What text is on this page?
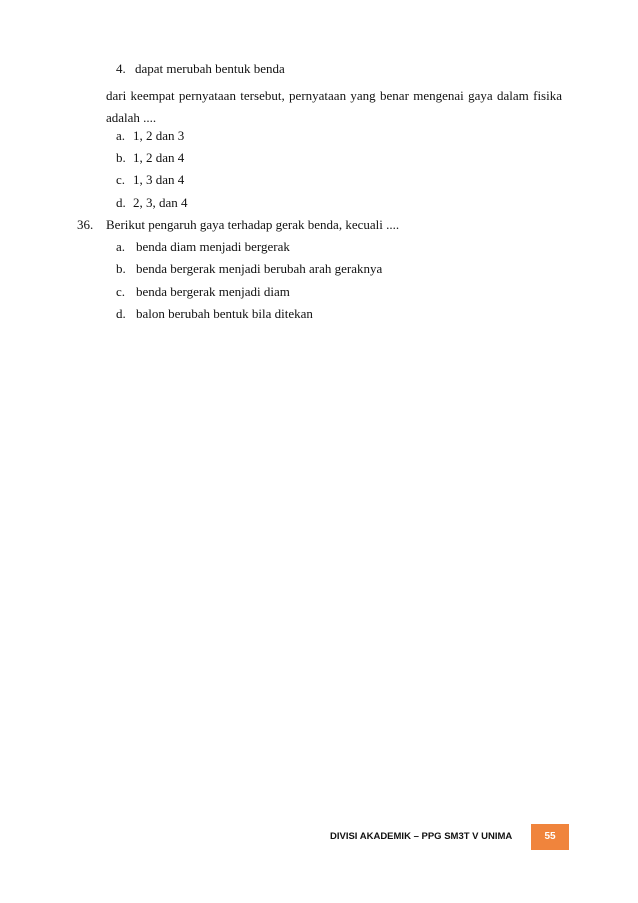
4. dapat merubah bentuk benda
dari keempat pernyataan tersebut, pernyataan yang benar mengenai gaya dalam fisika
adalah ....
a. 1, 2 dan 3
b. 1, 2 dan 4
c. 1, 3 dan 4
d. 2, 3, dan 4
36. Berikut pengaruh gaya terhadap gerak benda, kecuali ....
a. benda diam menjadi bergerak
b. benda bergerak menjadi berubah arah geraknya
c. benda bergerak menjadi diam
d. balon berubah bentuk bila ditekan
DIVISI AKADEMIK – PPG SM3T V UNIMA	55
